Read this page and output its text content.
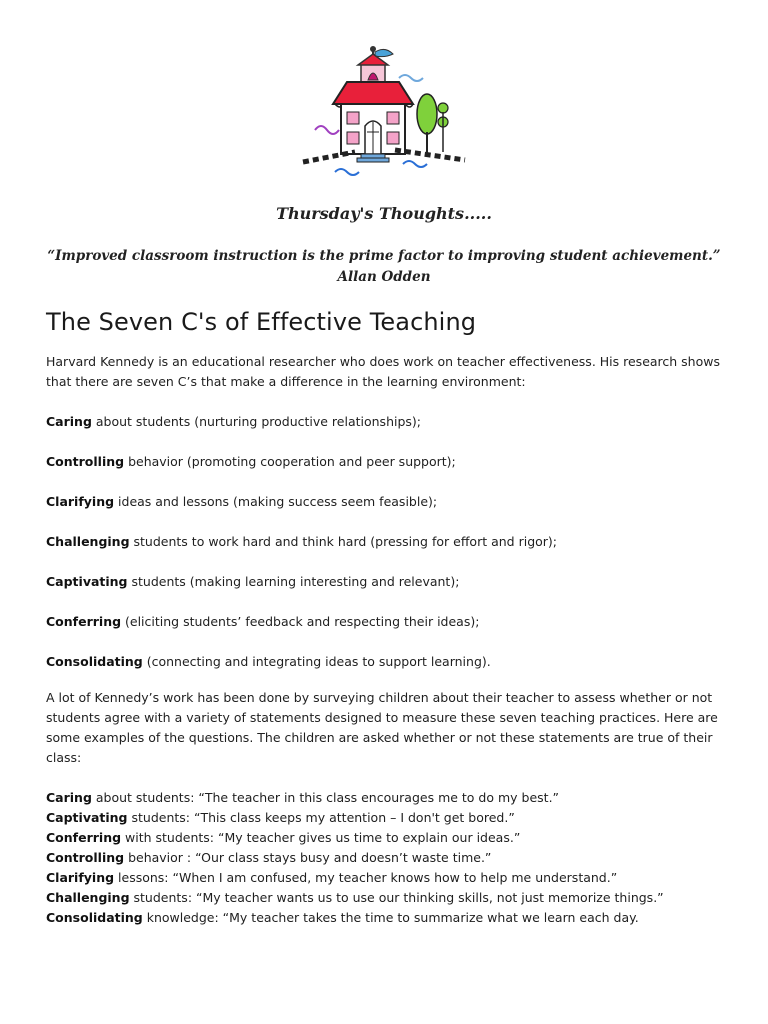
Thursday's Thoughts.....
“Improved classroom instruction is the prime factor to improving student achievement.” Allan Odden
The Seven C's of Effective Teaching
Harvard Kennedy is an educational researcher who does work on teacher effectiveness. His research shows that there are seven C’s that make a difference in the learning environment:
Caring about students (nurturing productive relationships);
Controlling behavior (promoting cooperation and peer support);
Clarifying ideas and lessons (making success seem feasible);
Challenging students to work hard and think hard (pressing for effort and rigor);
Captivating students (making learning interesting and relevant);
Conferring (eliciting students’ feedback and respecting their ideas);
Consolidating (connecting and integrating ideas to support learning).
A lot of Kennedy’s work has been done by surveying children about their teacher to assess whether or not students agree with a variety of statements designed to measure these seven teaching practices. Here are some examples of the questions. The children are asked whether or not these statements are true of their class:
Caring about students: “The teacher in this class encourages me to do my best.”
Captivating students: “This class keeps my attention – I don't get bored.”
Conferring with students: “My teacher gives us time to explain our ideas.”
Controlling behavior : “Our class stays busy and doesn’t waste time.”
Clarifying lessons: “When I am confused, my teacher knows how to help me understand.”
Challenging students: “My teacher wants us to use our thinking skills, not just memorize things.”
Consolidating knowledge: “My teacher takes the time to summarize what we learn each day.
